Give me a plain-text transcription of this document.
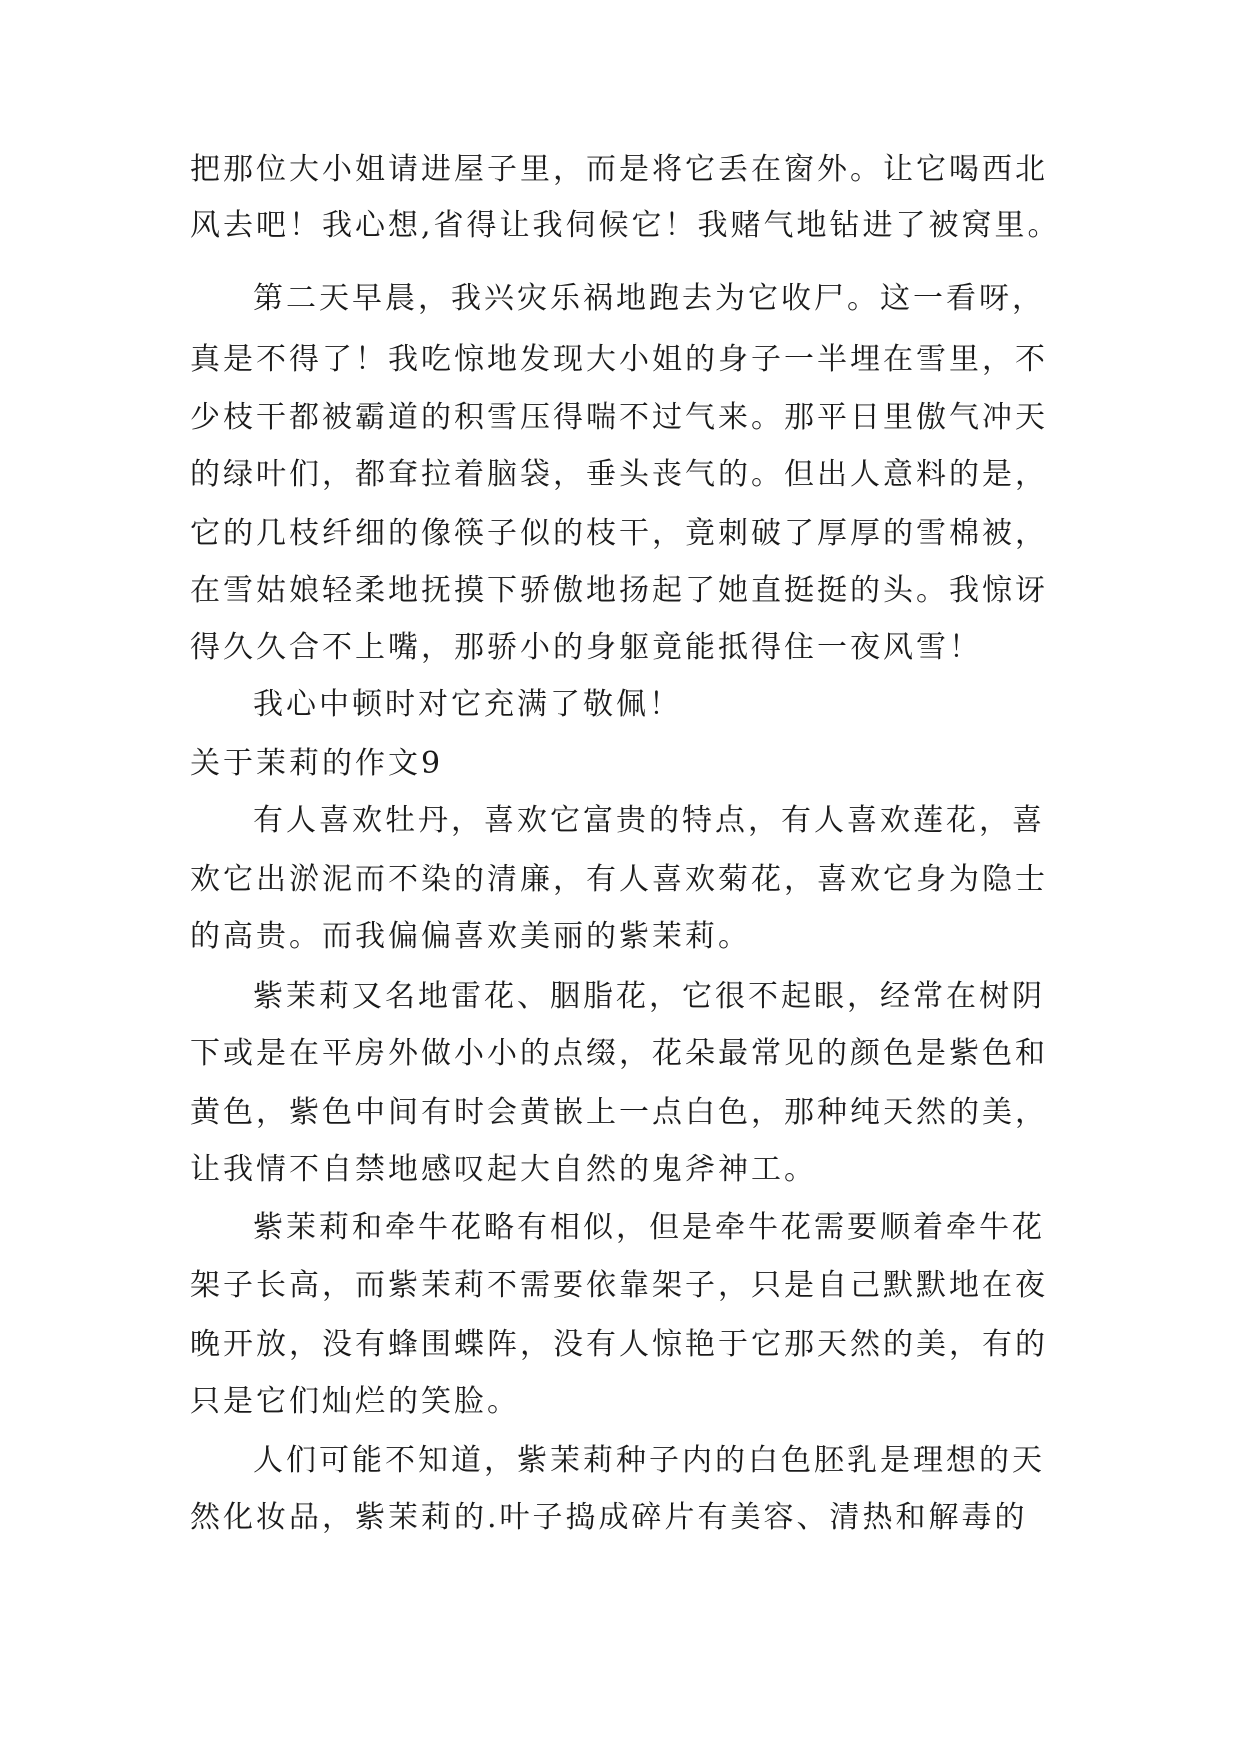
把那位大小姐请进屋子里，而是将它丢在窗外。让它喝西北
风去吧！我心想,省得让我伺候它！我赌气地钻进了被窝里。
第二天早晨，我兴灾乐祸地跑去为它收尸。这一看呀，
真是不得了！我吃惊地发现大小姐的身子一半埋在雪里，不
少枝干都被霸道的积雪压得喘不过气来。那平日里傲气冲天
的绿叶们，都耷拉着脑袋，垂头丧气的。但出人意料的是，
它的几枝纤细的像筷子似的枝干，竟刺破了厚厚的雪棉被，
在雪姑娘轻柔地抚摸下骄傲地扬起了她直挺挺的头。我惊讶
得久久合不上嘴，那骄小的身躯竟能抵得住一夜风雪！
我心中顿时对它充满了敬佩！
关于茉莉的作文9
有人喜欢牡丹，喜欢它富贵的特点，有人喜欢莲花，喜
欢它出淤泥而不染的清廉，有人喜欢菊花，喜欢它身为隐士
的高贵。而我偏偏喜欢美丽的紫茉莉。
紫茉莉又名地雷花、胭脂花，它很不起眼，经常在树阴
下或是在平房外做小小的点缀，花朵最常见的颜色是紫色和
黄色，紫色中间有时会黄嵌上一点白色，那种纯天然的美，
让我情不自禁地感叹起大自然的鬼斧神工。
紫茉莉和牵牛花略有相似，但是牵牛花需要顺着牵牛花
架子长高，而紫茉莉不需要依靠架子，只是自己默默地在夜
晚开放，没有蜂围蝶阵，没有人惊艳于它那天然的美，有的
只是它们灿烂的笑脸。
人们可能不知道，紫茉莉种子内的白色胚乳是理想的天
然化妆品，紫茉莉的.叶子捣成碎片有美容、清热和解毒的
